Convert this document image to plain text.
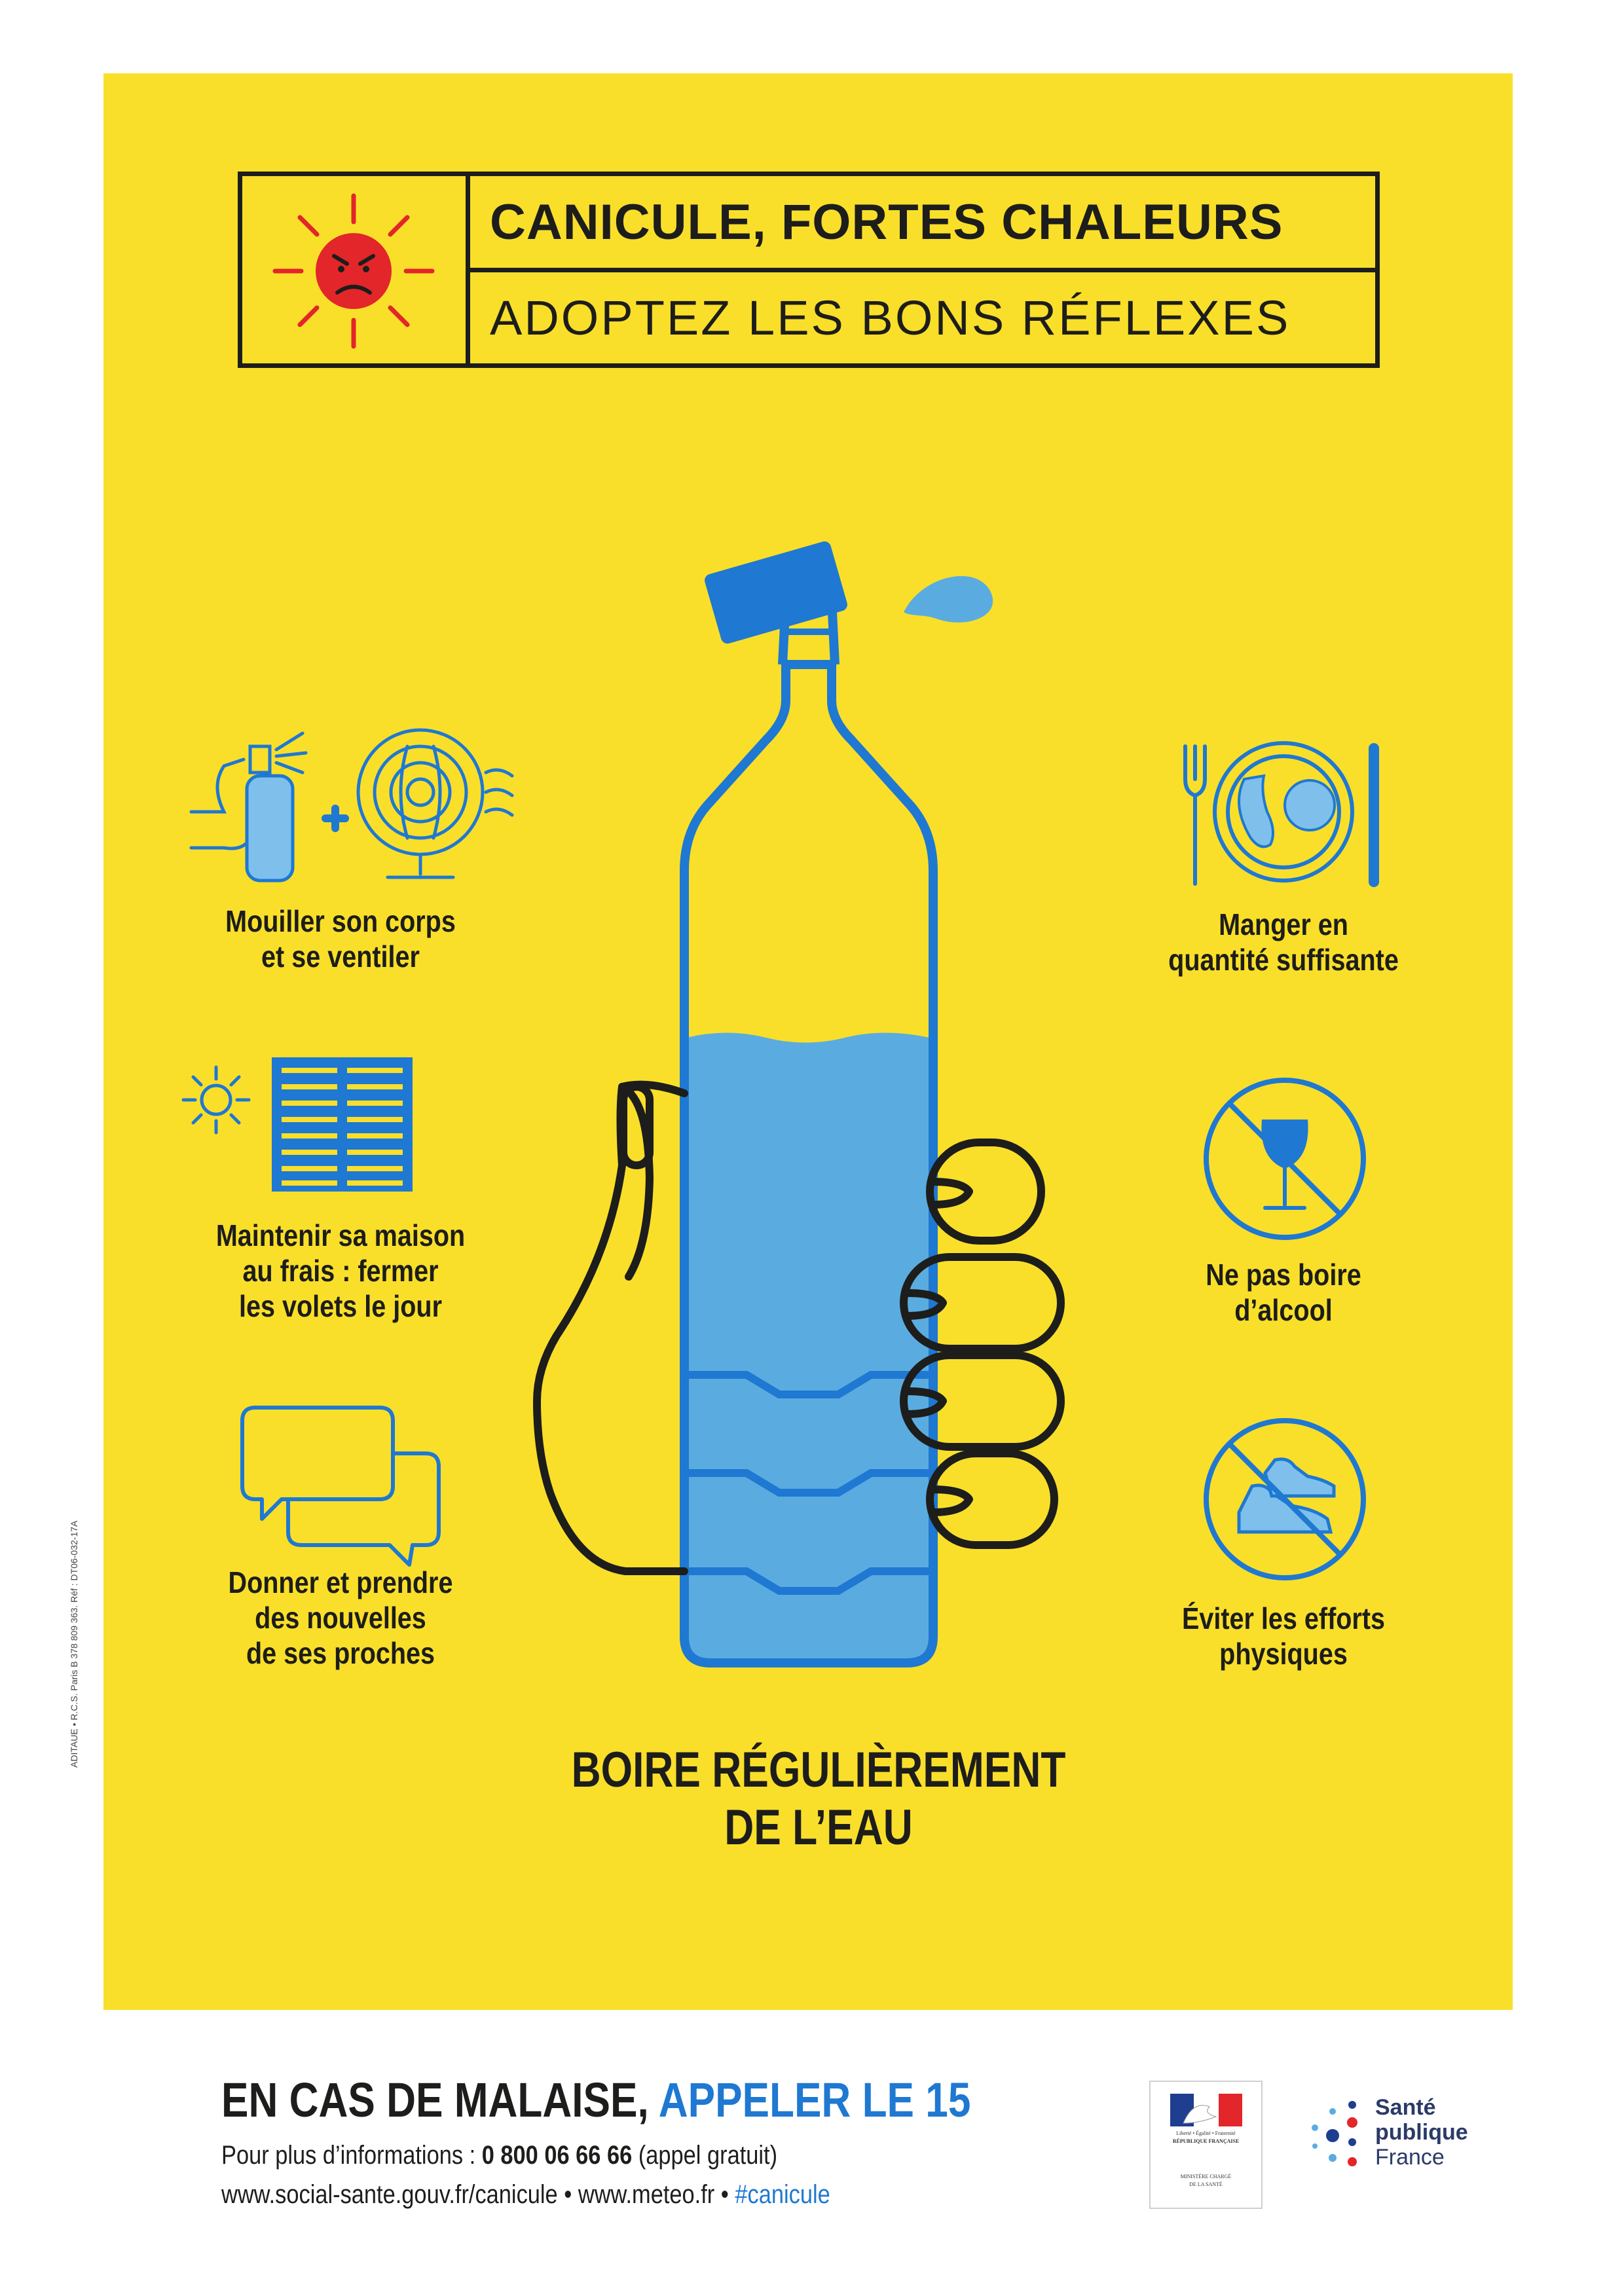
CANICULE, FORTES CHALEURS
ADOPTEZ LES BONS RÉFLEXES
Mouiller son corps
et se ventiler
Maintenir sa maison
au frais : fermer
les volets le jour
Donner et prendre
des nouvelles
de ses proches
Manger en
quantité suffisante
Ne pas boire
d’alcool
Éviter les efforts
physiques
BOIRE RÉGULIÈREMENT
DE L’EAU
ADITAUE • R.C.S. Paris B 378 809 363. Réf : DT06-032-17A
EN CAS DE MALAISE, APPELER LE 15
Pour plus d’informations : 0 800 06 66 66 (appel gratuit)
www.social-sante.gouv.fr/canicule • www.meteo.fr • #canicule
Liberté • Égalité • Fraternité
RÉPUBLIQUE FRANÇAISE
MINISTÈRE CHARGÉ
DE LA SANTÉ
Santé
publique
France
